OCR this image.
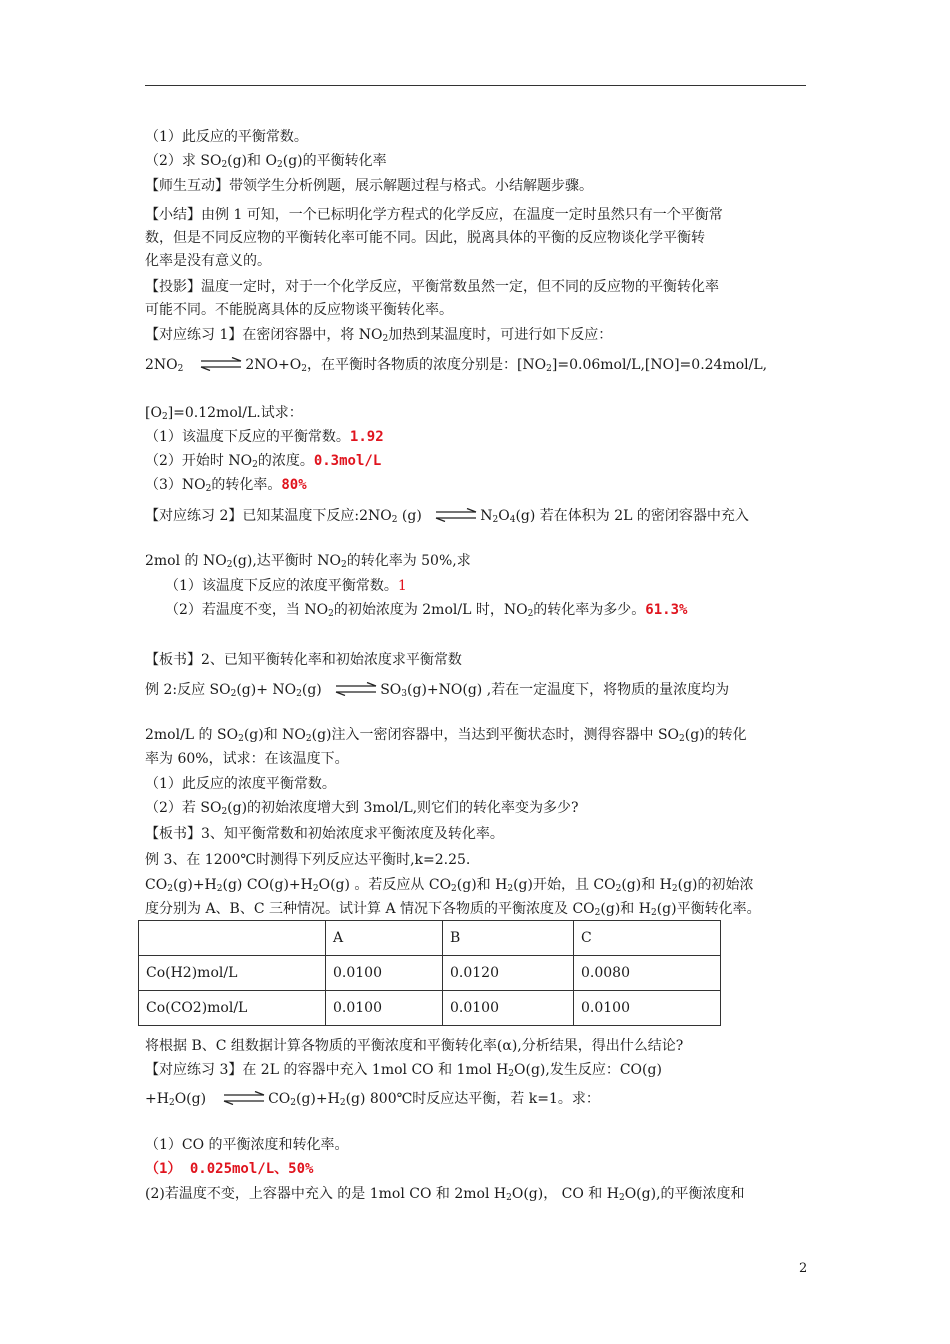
（1）此反应的平衡常数。
（2）求 $SO_2(g)$和 $O_2(g)$的平衡转化率
【师生互动】带领学生分析例题，展示解题过程与格式。小结解题步骤。
【小结】由例 1 可知，一个已标明化学方程式的化学反应，在温度一定时虽然只有一个平衡常
数，但是不同反应物的平衡转化率可能不同。因此，脱离具体的平衡的反应物谈化学平衡转
化率是没有意义的。
【投影】温度一定时，对于一个化学反应，平衡常数虽然一定，但不同的反应物的平衡转化率
可能不同。不能脱离具体的反应物谈平衡转化率。
【对应练习 1】在密闭容器中，将 $NO_2$加热到某温度时，可进行如下反应：
$2NO_2$ ⇌ $2NO+O_2$，在平衡时各物质的浓度分别是：$[NO_2]=0.06mol/L,[NO]=0.24mol/L$,
$[O_2]=0.12mol/L$.试求：
（1）该温度下反应的平衡常数。1.92
（2）开始时 $NO_2$的浓度。0.3mol/L
$(3)NO_2$的转化率。80%
【对应练习 2】已知某温度下反应$:2NO_2$ (g) ⇌ $N_2O_4(g)$ 若在体积为 2L 的密闭容器中充入
2mol 的 $NO_2(g)$,达平衡时 $NO_2$的转化率为 50%,求
（1）该温度下反应的浓度平衡常数。1
（2）若温度不变，当 $NO_2$的初始浓度为 2mol/L 时，$NO_2$的转化率为多少。61.3%
【板书】2、已知平衡转化率和初始浓度求平衡常数
例 2:反应 $SO_2(g)+ NO_2(g)$ ⇌ $SO_3(g)+NO(g)$ ,若在一定温度下，将物质的量浓度均为
2mol/L 的 $SO_2(g)$和 $NO_2(g)$注入一密闭容器中，当达到平衡状态时，测得容器中 $SO_2(g)$的转化
率为 60%，试求：在该温度下。
（1）此反应的浓度平衡常数。
（2）若 $SO_2(g)$的初始浓度增大到 3mol/L,则它们的转化率变为多少?
【板书】3、知平衡常数和初始浓度求平衡浓度及转化率。
例 3、在 1200℃时测得下列反应达平衡时,k=2.25.
$CO_2(g)+H_2(g)$ $CO(g)+H_2O(g)$ 。若反应从 $CO_2(g)$和 $H_2(g)$开始，且 $CO_2(g)$和 $H_2(g)$的初始浓
度分别为 A、B、C 三种情况。试计算 A 情况下各物质的平衡浓度及 $CO_2(g)$和 $H_2(g)$平衡转化率。
	A	B	C
Co(H2)mol/L	0.0100	0.0120	0.0080
Co(CO2)mol/L	0.0100	0.0100	0.0100
将根据 B、C 组数据计算各物质的平衡浓度和平衡转化率(α),分析结果，得出什么结论?
【对应练习 3】在 2L 的容器中充入 1mol CO 和 1mol $H_2O(g)$,发生反应：CO(g)
$+H_2O(g)$ ⇌ $CO_2(g)+H_2(g)$ 800℃时反应达平衡，若 k=1。求：
（1）CO 的平衡浓度和转化率。
（1） 0.025mol/L、50%
(2)若温度不变，上容器中充入 的是 1mol CO 和 2mol $H_2O(g)$， CO 和 $H_2O(g)$,的平衡浓度和
2
